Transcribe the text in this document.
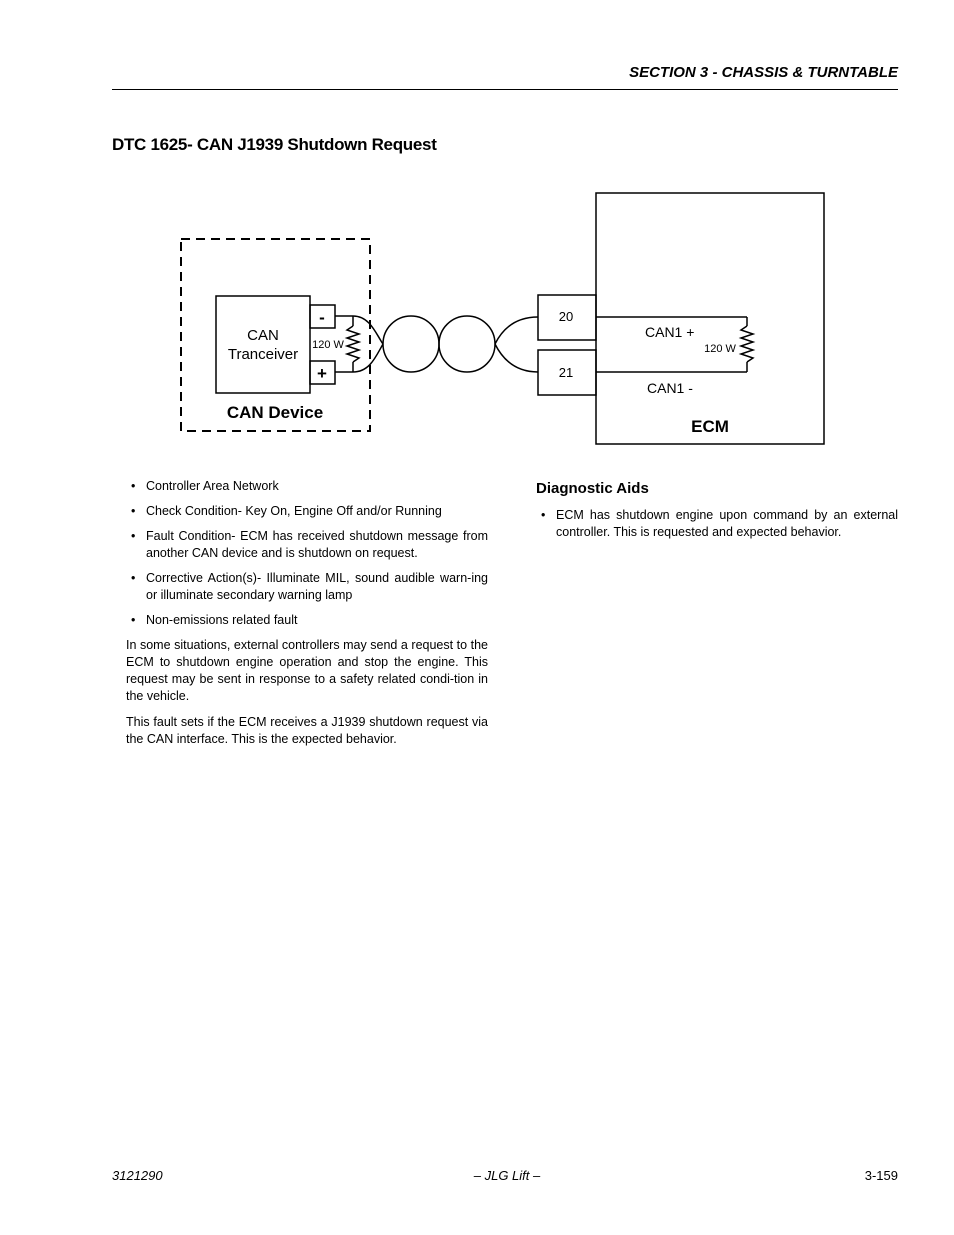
SECTION 3 - CHASSIS & TURNTABLE
DTC 1625- CAN J1939 Shutdown Request
CAN
Tranceiver
CAN Device
-
+
120 W
20
21
CAN1 +
CAN1 -
120 W
ECM
• Controller Area Network
• Check Condition- Key On, Engine Off and/or Running
• Fault Condition- ECM has received shutdown message from another CAN device and is shutdown on request.
• Corrective Action(s)- Illuminate MIL, sound audible warn-ing or illuminate secondary warning lamp
• Non-emissions related fault

In some situations, external controllers may send a request to the ECM to shutdown engine operation and stop the engine. This request may be sent in response to a safety related condi-tion in the vehicle.

This fault sets if the ECM receives a J1939 shutdown request via the CAN interface. This is the expected behavior.

Diagnostic Aids
• ECM has shutdown engine upon command by an external controller. This is requested and expected behavior.
3121290	– JLG Lift –	3-159
